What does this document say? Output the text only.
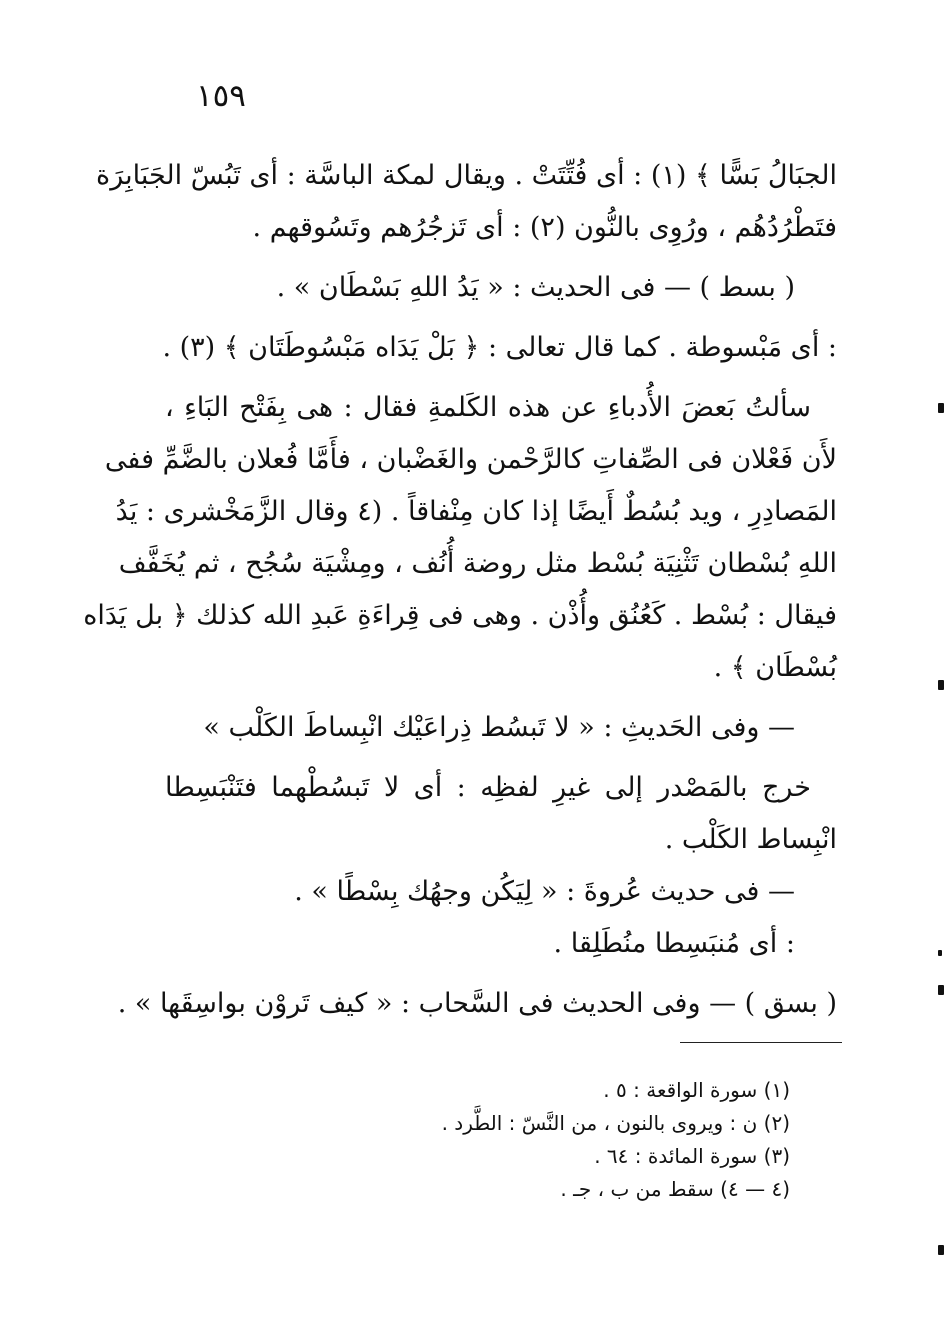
١٥٩
الجبَالُ بَسًّا ﴾ (١) : أى فُتِّتَتْ . ويقال لمكة الباسَّة : أى تَبُسّ الجَبَابِرَة
فتَطْرُدُهُم ، ورُوِى بالنُّون (٢) : أى تَزجُرُهم وتَسُوقهم .
( بسط ) — فى الحديث : « يَدُ اللهِ بَسْطَان » .
: أى مَبْسوطة . كما قال تعالى : ﴿ بَلْ يَدَاه مَبْسُوطَتَان ﴾ (٣) .
سألتُ بَعضَ الأُدباءِ عن هذه الكَلمةِ فقال : هى بِفَتْح البَاءِ ،
لأَن فَعْلان فى الصِّفاتِ كالرَّحْمن والغَضْبان ، فأَمَّا فُعلان بالضَّمِّ ففى
المَصادِرِ ، ويد بُسُطٌ أَيضًا إذا كان مِنْفاقاً . (٤ وقال الزَّمَخْشرى : يَدُ
اللهِ بُسْطان تَثْنِيَة بُسْط مثل روضة أُنُف ، ومِشْيَة سُجُح ، ثم يُخَفَّف
فيقال : بُسْط . كَعُنُق وأُذْن . وهى فى قِراءَةِ عَبدِ الله كذلك ﴿ بل يَدَاه
بُسْطَان ﴾ .
— وفى الحَديثِ : « لا تَبسُط ذِراعَيْك انْبِساطَ الكَلْب »
خرج بالمَصْدر إلى غيرِ لفظِه : أى لا تَبسُطْهما فتَنْبَسِطا
انْبِساط الكَلْب .
— فى حديث عُروةَ : « لِيَكُن وجهُك بِسْطًا » .
: أى مُنبَسِطا منُطَلِقا .
( بسق ) — وفى الحديث فى السَّحاب : « كيف تَروْن بواسِقَها » .
(١) سورة الواقعة : ٥ .
(٢) ن : ويروى بالنون ، من النَّسّ : الطَّرد .
(٣) سورة المائدة : ٦٤ .
(٤ — ٤) سقط من ب ، جـ .
